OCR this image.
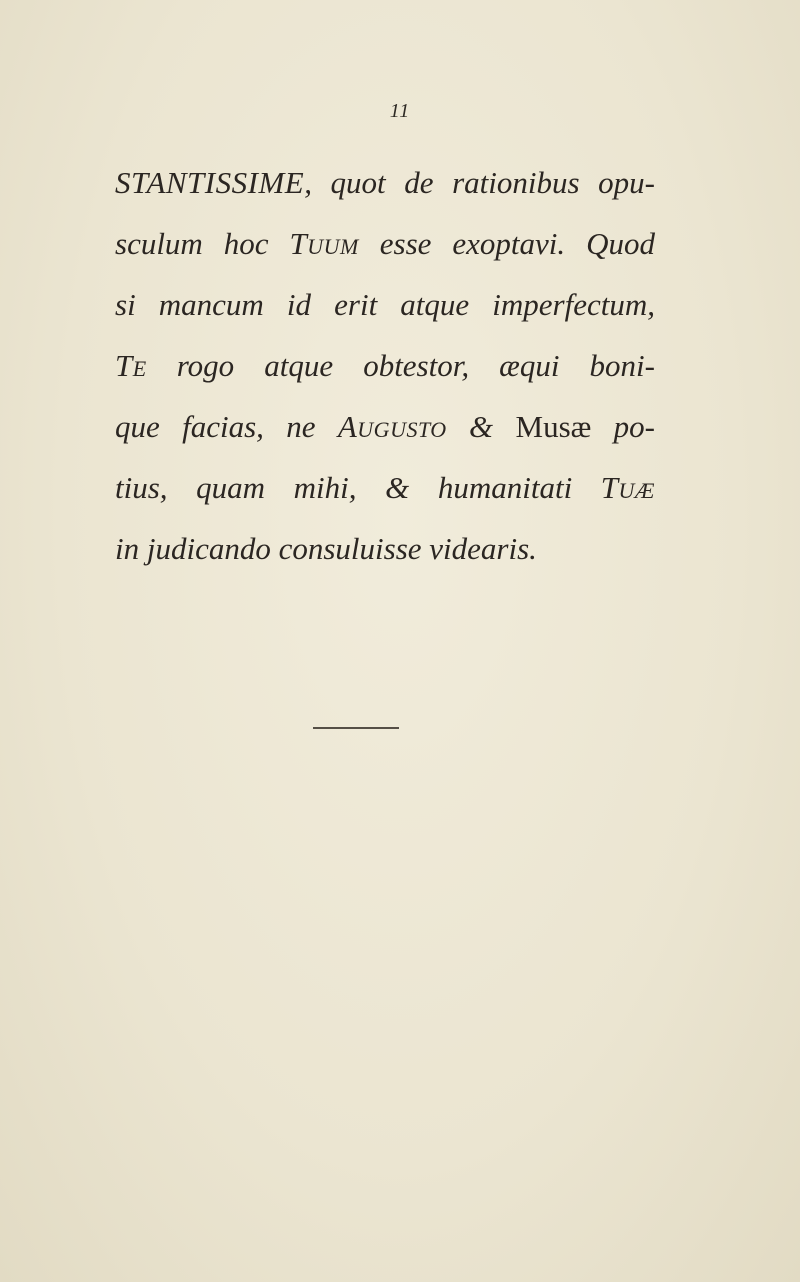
11
STANTISSIME, quot de rationibus opu-
sculum hoc Tuum esse exoptavi. Quod
si mancum id erit atque imperfectum,
Te rogo atque obtestor, æqui boni-
que facias, ne Augusto & Musæ po-
tius, quam mihi, & humanitati Tuæ
in judicando consuluisse videaris.
